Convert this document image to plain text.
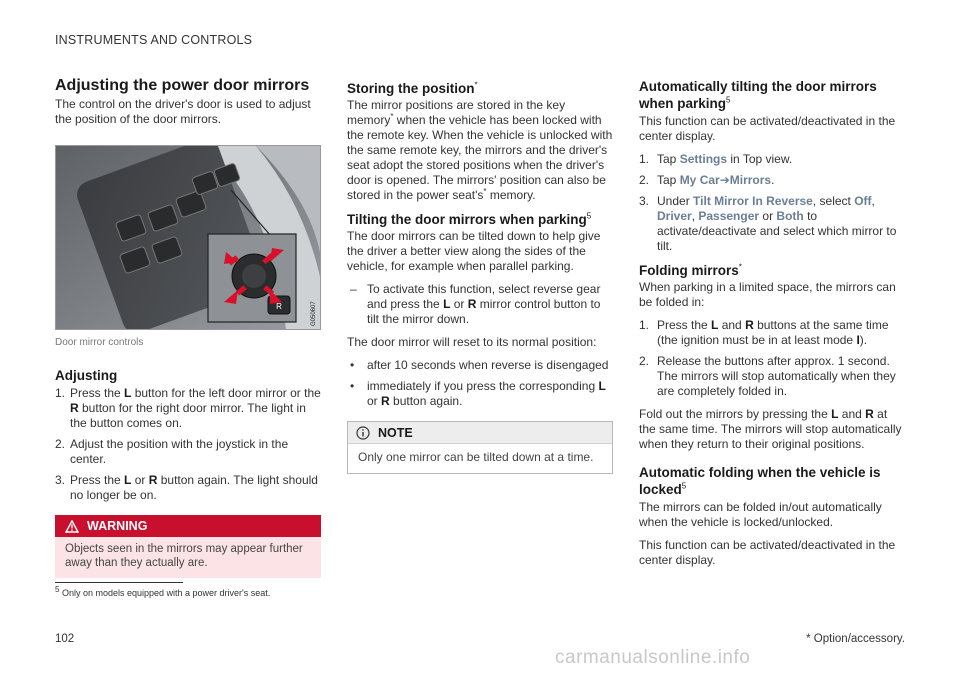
INSTRUMENTS AND CONTROLS
Adjusting the power door mirrors

The control on the driver's door is used to adjust the position of the door mirrors.

R	G050607
Door mirror controls
Adjusting
1. Press the L button for the left door mirror or the R button for the right door mirror. The light in the button comes on.
2. Adjust the position with the joystick in the center.
3. Press the L or R button again. The light should no longer be on.
WARNING
Objects seen in the mirrors may appear further away than they actually are.
Storing the position*

The mirror positions are stored in the key memory* when the vehicle has been locked with the remote key. When the vehicle is unlocked with the same remote key, the mirrors and the driver's seat adopt the stored positions when the driver's door is opened. The mirrors' position can also be stored in the power seat's* memory.

Tilting the door mirrors when parking$^5$

The door mirrors can be tilted down to help give the driver a better view along the sides of the vehicle, for example when parallel parking.

– To activate this function, select reverse gear and press the L or R mirror control button to tilt the mirror down.

The door mirror will reset to its normal position:

• after 10 seconds when reverse is disengaged
• immediately if you press the corresponding L or R button again.
NOTE
Only one mirror can be tilted down at a time.
Automatically tilting the door mirrors when parking$^5$

This function can be activated/deactivated in the center display.

1. Tap Settings in Top view.
2. Tap My Car➔Mirrors.
3. Under Tilt Mirror In Reverse, select Off, Driver, Passenger or Both to activate/deactivate and select which mirror to tilt.
Folding mirrors*

When parking in a limited space, the mirrors can be folded in:

1. Press the L and R buttons at the same time (the ignition must be in at least mode I).
2. Release the buttons after approx. 1 second. The mirrors will stop automatically when they are completely folded in.

Fold out the mirrors by pressing the L and R at the same time. The mirrors will stop automatically when they return to their original positions.

Automatic folding when the vehicle is locked$^5$

The mirrors can be folded in/out automatically when the vehicle is locked/unlocked.

This function can be activated/deactivated in the center display.

5 Only on models equipped with a power driver's seat.
102	* Option/accessory.
carmanualsonline.info
